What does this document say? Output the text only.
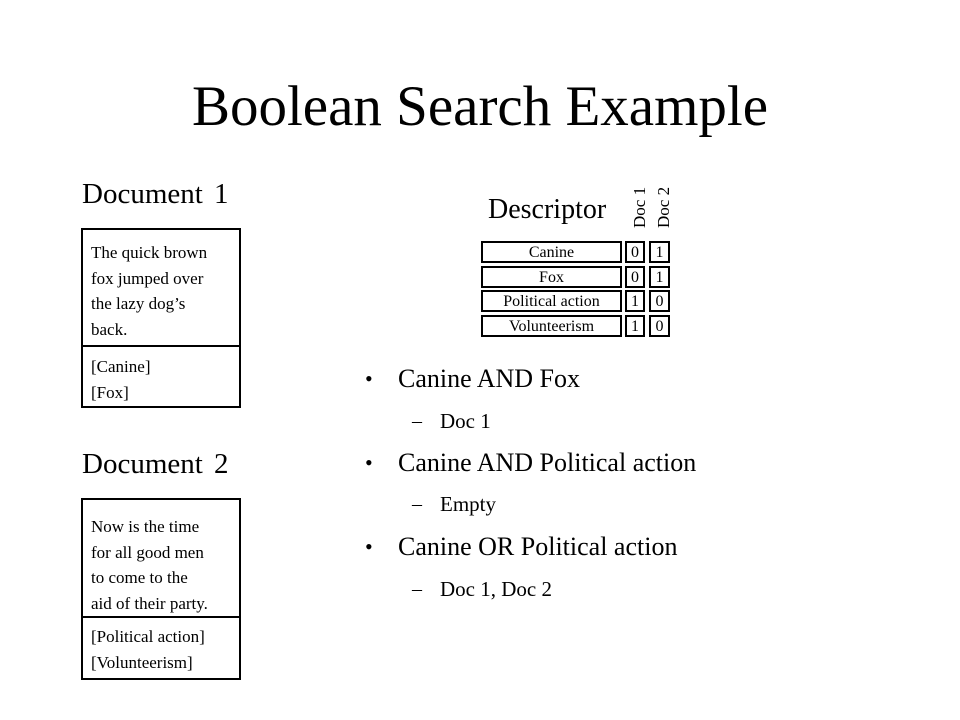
Boolean Search Example
Document 1
The quick brown
fox jumped over
the lazy dog’s
back.
[Canine]
[Fox]
Document 2
Now is the time
for all good men
to come to the
aid of their party.
[Political action]
[Volunteerism]
Descriptor Doc 1 Doc 2
Canine	0	1
Fox	0	1
Political action	1	0
Volunteerism	1	0
• Canine AND Fox
– Doc 1
• Canine AND Political action
– Empty
• Canine OR Political action
– Doc 1, Doc 2
